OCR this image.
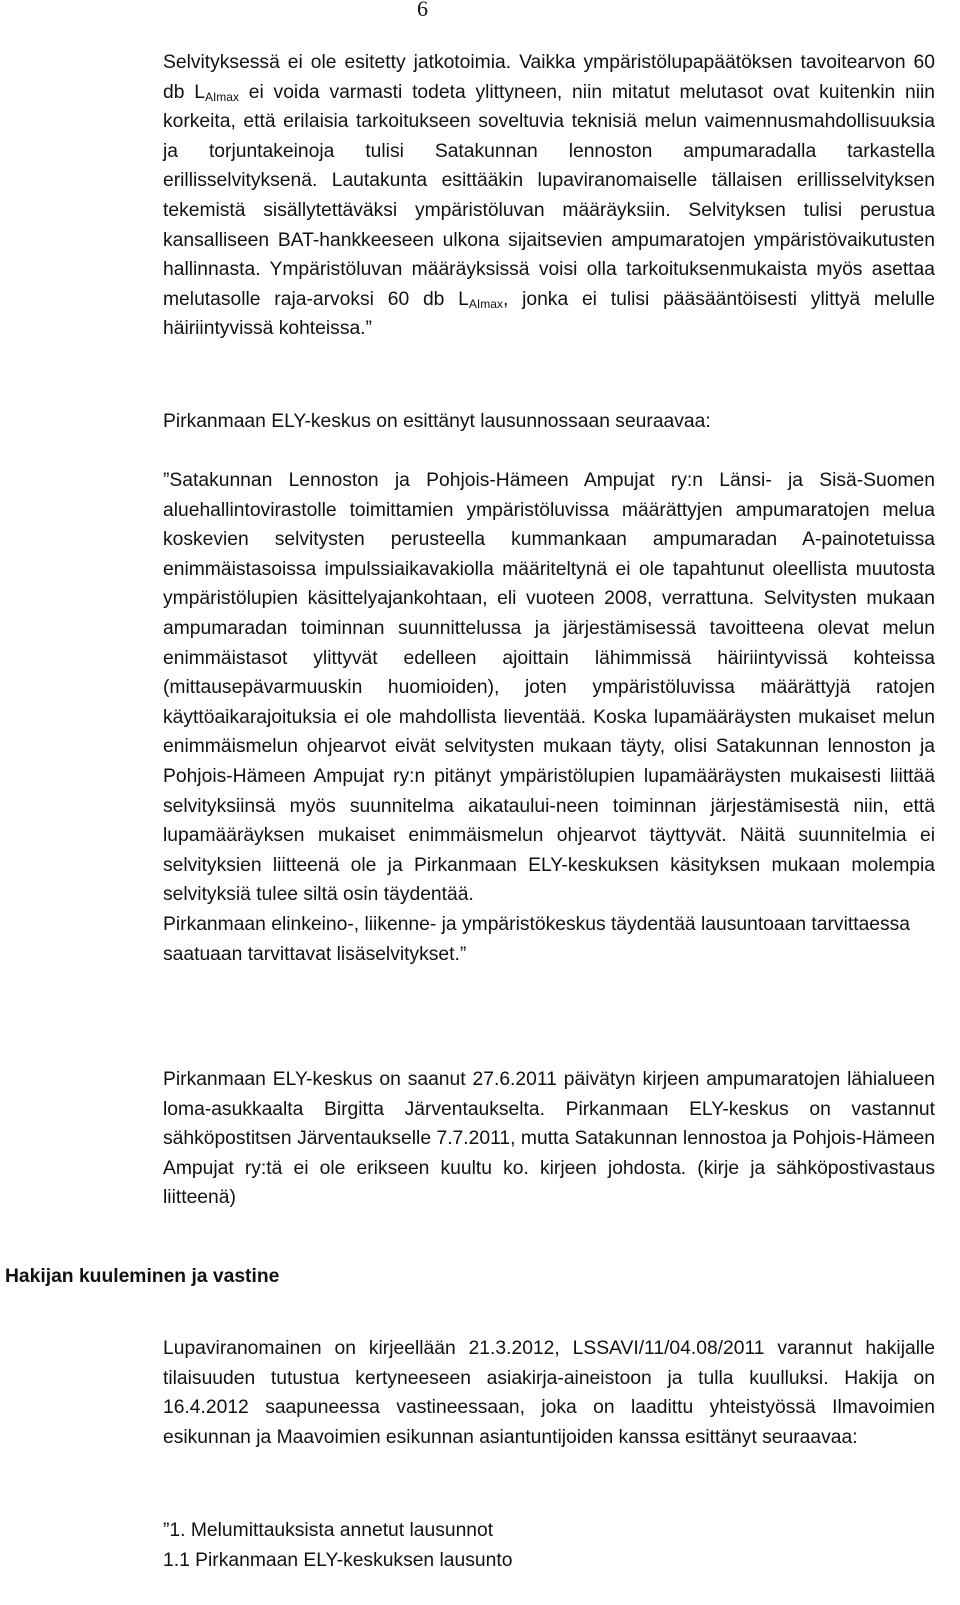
6

Selvityksessä ei ole esitetty jatkotoimia. Vaikka ympäristölupapäätöksen tavoitearvon 60 db $L_{AImax}$ ei voida varmasti todeta ylittyneen, niin mitatut melutasot ovat kuitenkin niin korkeita, että erilaisia tarkoitukseen soveltuvia teknisiä melun vaimennusmahdollisuuksia ja torjuntakeinoja tulisi Satakunnan lennoston ampumaradalla tarkastella erillisselvityksenä. Lautakunta esittääkin lupaviranomaiselle tällaisen erillisselvityksen tekemistä sisällytettäväksi ympäristöluvan määräyksiin. Selvityksen tulisi perustua kansalliseen BAT-hankkeeseen ulkona sijaitsevien ampumaratojen ympäristövaikutusten hallinnasta. Ympäristöluvan määräyksissä voisi olla tarkoituksenmukaista myös asettaa melutasolle raja-arvoksi 60 db $L_{AImax}$, jonka ei tulisi pääsääntöisesti ylittyä melulle häiriintyvissä kohteissa.”

Pirkanmaan ELY-keskus on esittänyt lausunnossaan seuraavaa:

”Satakunnan Lennoston ja Pohjois-Hämeen Ampujat ry:n Länsi- ja Sisä-Suomen aluehallintovirastolle toimittamien ympäristöluvissa määrättyjen ampumaratojen melua koskevien selvitysten perusteella kummankaan ampumaradan A-painotetuissa enimmäistasoissa impulssiaikavakiolla määriteltynä ei ole tapahtunut oleellista muutosta ympäristölupien käsittelyajankohtaan, eli vuoteen 2008, verrattuna. Selvitysten mukaan ampumaradan toiminnan suunnittelussa ja järjestämisessä tavoitteena olevat melun enimmäistasot ylittyvät edelleen ajoittain lähimmissä häiriintyvissä kohteissa (mittausepävarmuuskin huomioiden), joten ympäristöluvissa määrättyjä ratojen käyttöaikarajoituksia ei ole mahdollista lieventää. Koska lupamääräysten mukaiset melun enimmäismelun ohjearvot eivät selvitysten mukaan täyty, olisi Satakunnan lennoston ja Pohjois-Hämeen Ampujat ry:n pitänyt ympäristölupien lupamääräysten mukaisesti liittää selvityksiinsä myös suunnitelma aikataului-neen toiminnan järjestämisestä niin, että lupamääräyksen mukaiset enimmäismelun ohjearvot täyttyvät. Näitä suunnitelmia ei selvityksien liitteenä ole ja Pirkanmaan ELY-keskuksen käsityksen mukaan molempia selvityksiä tulee siltä osin täydentää.

Pirkanmaan elinkeino-, liikenne- ja ympäristökeskus täydentää lausuntoaan tarvittaessa saatuaan tarvittavat lisäselvitykset.”

Pirkanmaan ELY-keskus on saanut 27.6.2011 päivätyn kirjeen ampumaratojen lähialueen loma-asukkaalta Birgitta Järventaukselta. Pirkanmaan ELY-keskus on vastannut sähköpostitsen Järventaukselle 7.7.2011, mutta Satakunnan lennostoa ja Pohjois-Hämeen Ampujat ry:tä ei ole erikseen kuultu ko. kirjeen johdosta. (kirje ja sähköpostivastaus liitteenä)

Hakijan kuuleminen ja vastine

Lupaviranomainen on kirjeellään 21.3.2012, LSSAVI/11/04.08/2011 varannut hakijalle tilaisuuden tutustua kertyneeseen asiakirja-aineistoon ja tulla kuulluksi. Hakija on 16.4.2012 saapuneessa vastineessaan, joka on laadittu yhteistyössä Ilmavoimien esikunnan ja Maavoimien esikunnan asiantuntijoiden kanssa esittänyt seuraavaa:

”1. Melumittauksista annetut lausunnot

1.1 Pirkanmaan ELY-keskuksen lausunto
